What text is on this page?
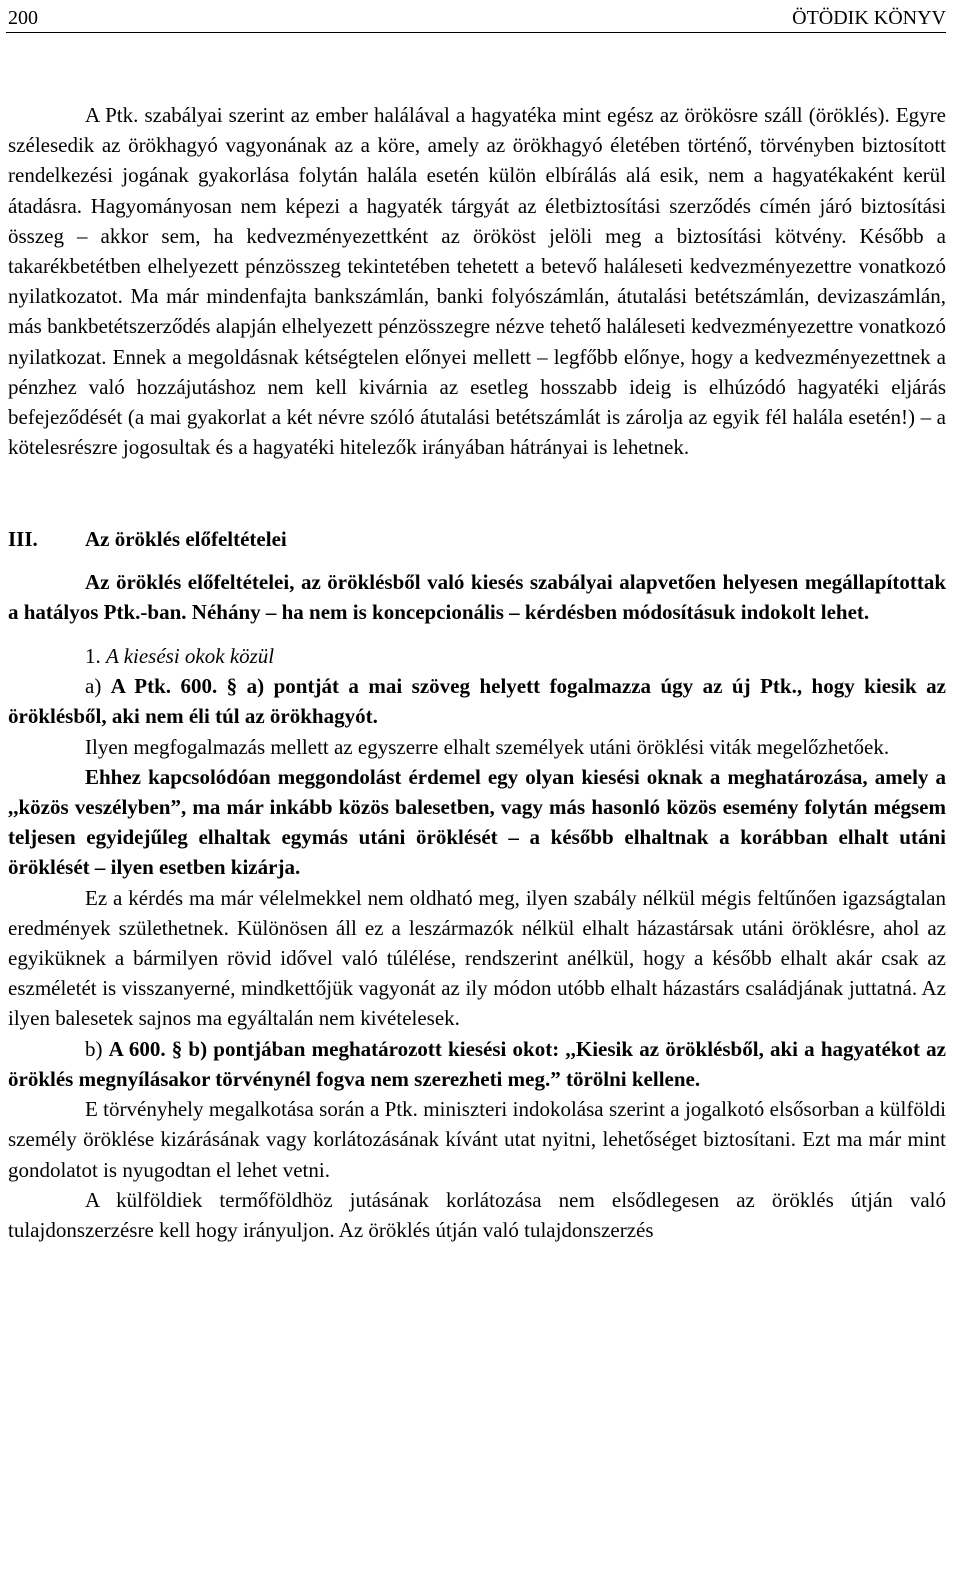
200	ÖTÖDIK KÖNYV

A Ptk. szabályai szerint az ember halálával a hagyatéka mint egész az örökösre száll (öröklés). Egyre szélesedik az örökhagyó vagyonának az a köre, amely az örökhagyó életében történő, törvényben biztosított rendelkezési jogának gyakorlása folytán halála esetén külön elbírálás alá esik, nem a hagyatékaként kerül átadásra. Hagyományosan nem képezi a hagyaték tárgyát az életbiztosítási szerződés címén járó biztosítási összeg – akkor sem, ha kedvezményezettként az örököst jelöli meg a biztosítási kötvény. Később a takarékbetétben elhelyezett pénzösszeg tekintetében tehetett a betevő haláleseti kedvezményezettre vonatkozó nyilatkozatot. Ma már mindenfajta bankszámlán, banki folyószámlán, átutalási betétszámlán, devizaszámlán, más bankbetétszerződés alapján elhelyezett pénzösszegre nézve tehető haláleseti kedvezményezettre vonatkozó nyilatkozat. Ennek a megoldásnak kétségtelen előnyei mellett – legfőbb előnye, hogy a kedvezményezettnek a pénzhez való hozzájutáshoz nem kell kivárnia az esetleg hosszabb ideig is elhúzódó hagyatéki eljárás befejeződését (a mai gyakorlat a két névre szóló átutalási betétszámlát is zárolja az egyik fél halála esetén!) – a kötelesrészre jogosultak és a hagyatéki hitelezők irányában hátrányai is lehetnek.

III.	Az öröklés előfeltételei

Az öröklés előfeltételei, az öröklésből való kiesés szabályai alapvetően helyesen megállapítottak a hatályos Ptk.-ban. Néhány – ha nem is koncepcionális – kérdésben módosításuk indokolt lehet.

1. A kiesési okok közül

a) A Ptk. 600. § a) pontját a mai szöveg helyett fogalmazza úgy az új Ptk., hogy kiesik az öröklésből, aki nem éli túl az örökhagyót.

Ilyen megfogalmazás mellett az egyszerre elhalt személyek utáni öröklési viták megelőzhetőek.

Ehhez kapcsolódóan meggondolást érdemel egy olyan kiesési oknak a meghatározása, amely a ,,közös veszélyben”, ma már inkább közös balesetben, vagy más hasonló közös esemény folytán mégsem teljesen egyidejűleg elhaltak egymás utáni öröklését – a később elhaltnak a korábban elhalt utáni öröklését – ilyen esetben kizárja.

Ez a kérdés ma már vélelmekkel nem oldható meg, ilyen szabály nélkül mégis feltűnően igazságtalan eredmények születhetnek. Különösen áll ez a leszármazók nélkül elhalt házastársak utáni öröklésre, ahol az egyiküknek a bármilyen rövid idővel való túlélése, rendszerint anélkül, hogy a később elhalt akár csak az eszméletét is visszanyerné, mindkettőjük vagyonát az ily módon utóbb elhalt házastárs családjának juttatná. Az ilyen balesetek sajnos ma egyáltalán nem kivételesek.

b) A 600. § b) pontjában meghatározott kiesési okot: ,,Kiesik az öröklésből, aki a hagyatékot az öröklés megnyílásakor törvénynél fogva nem szerezheti meg.” törölni kellene.

E törvényhely megalkotása során a Ptk. miniszteri indokolása szerint a jogalkotó elsősorban a külföldi személy öröklése kizárásának vagy korlátozásának kívánt utat nyitni, lehetőséget biztosítani. Ezt ma már mint gondolatot is nyugodtan el lehet vetni.

A külföldiek termőföldhöz jutásának korlátozása nem elsődlegesen az öröklés útján való tulajdonszerzésre kell hogy irányuljon. Az öröklés útján való tulajdonszerzés
